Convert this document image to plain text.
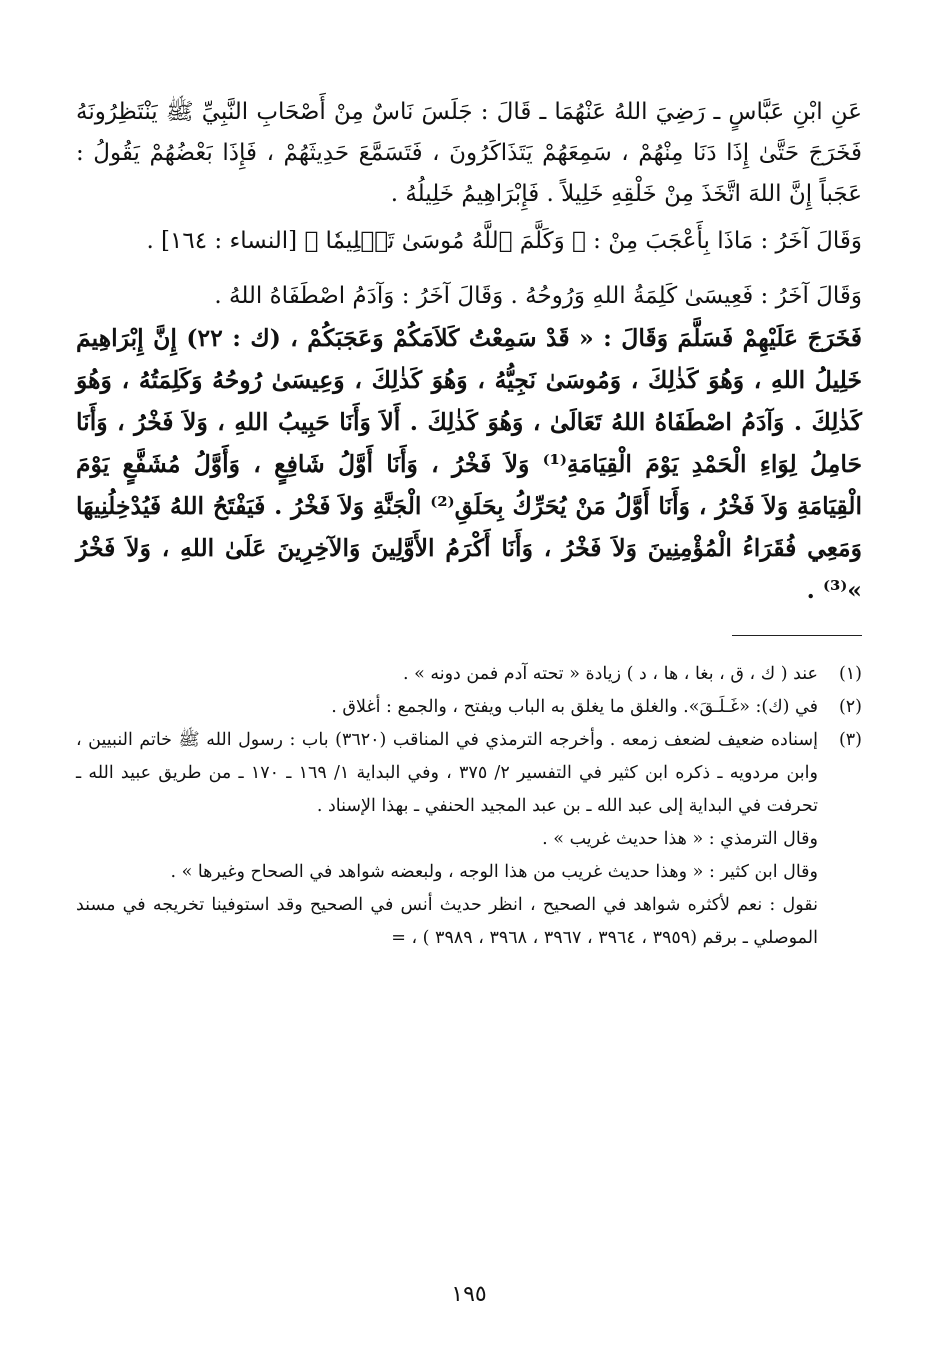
عَنِ ابْنِ عَبَّاسٍ ـ رَضِيَ اللهُ عَنْهُمَا ـ قَالَ : جَلَسَ نَاسٌ مِنْ أَصْحَابِ النَّبِيِّ ﷺ يَنْتَظِرُونَهُ فَخَرَجَ حَتَّىٰ إِذَا دَنَا مِنْهُمْ ، سَمِعَهُمْ يَتَذَاكَرُونَ ، فَتَسَمَّعَ حَدِيثَهُمْ ، فَإِذَا بَعْضُهُمْ يَقُولُ : عَجَباً إِنَّ اللهَ اتَّخَذَ مِنْ خَلْقِهِ خَلِيلاً . فَإِبْرَاهِيمُ خَلِيلُهُ .

وَقَالَ آخَرُ : مَاذَا بِأَعْجَبَ مِنْ : ﴿ وَكَلَّمَ ٱللَّهُ مُوسَىٰ تَكۡلِيمٗا ﴾ [النساء : ١٦٤] .

وَقَالَ آخَرُ : فَعِيسَىٰ كَلِمَةُ اللهِ وَرُوحُهُ . وَقَالَ آخَرُ : وَآدَمُ اصْطَفَاهُ اللهُ .

فَخَرَجَ عَلَيْهِمْ فَسَلَّمَ وَقَالَ : « قَدْ سَمِعْتُ كَلاَمَكُمْ وَعَجَبَكُمْ ، (ك : ٢٢) إِنَّ إِبْرَاهِيمَ خَلِيلُ اللهِ ، وَهُوَ كَذٰلِكَ ، وَمُوسَىٰ نَجِيُّهُ ، وَهُوَ كَذٰلِكَ ، وَعِيسَىٰ رُوحُهُ وَكَلِمَتُهُ ، وَهُوَ كَذٰلِكَ . وَآدَمُ اصْطَفَاهُ اللهُ تَعَالَىٰ ، وَهُوَ كَذٰلِكَ . أَلاَ وَأَنَا حَبِيبُ اللهِ ، وَلاَ فَخْرُ ، وَأَنَا حَامِلُ لِوَاءِ الْحَمْدِ يَوْمَ الْقِيَامَةِ⁽¹⁾ وَلاَ فَخْرُ ، وَأَنَا أَوَّلُ شَافِعٍ ، وَأَوَّلُ مُشَفَّعٍ يَوْمَ الْقِيَامَةِ وَلاَ فَخْرُ ، وَأَنَا أَوَّلُ مَنْ يُحَرِّكُ بِحَلَقِ⁽²⁾ الْجَنَّةِ وَلاَ فَخْرُ . فَيَفْتَحُ اللهُ فَيُدْخِلُنِيهَا وَمَعِي فُقَرَاءُ الْمُؤْمِنِينَ وَلاَ فَخْرُ ، وَأَنَا أَكْرَمُ الأَوَّلِينَ وَالآخِرِينَ عَلَىٰ اللهِ ، وَلاَ فَخْرُ »⁽³⁾ .

(١)

عند ( ك ، ق ، بغا ، ها ، د ) زيادة « تحته آدم فمن دونه » .

(٢)

في (ك): «غَـلَـقَ». والغلق ما يغلق به الباب ويفتح ، والجمع : أغلاق .

(٣)

إسناده ضعيف لضعف زمعه . وأخرجه الترمذي في المناقب (٣٦٢٠) باب : رسول الله ﷺ خاتم النبيين ، وابن مردويه ـ ذكره ابن كثير في التفسير ٢/ ٣٧٥ ، وفي البداية ١/ ١٦٩ ـ ١٧٠ ـ من طريق عبيد الله ـ تحرفت في البداية إلى عبد الله ـ بن عبد المجيد الحنفي ـ بهذا الإسناد .

وقال الترمذي : « هذا حديث غريب » .

وقال ابن كثير : « وهذا حديث غريب من هذا الوجه ، ولبعضه شواهد في الصحاح وغيرها » .

نقول : نعم لأكثره شواهد في الصحيح ، انظر حديث أنس في الصحيح وقد استوفينا تخريجه في مسند الموصلي ـ برقم (٣٩٥٩ ، ٣٩٦٤ ، ٣٩٦٧ ، ٣٩٦٨ ، ٣٩٨٩ ) ، =

١٩٥
